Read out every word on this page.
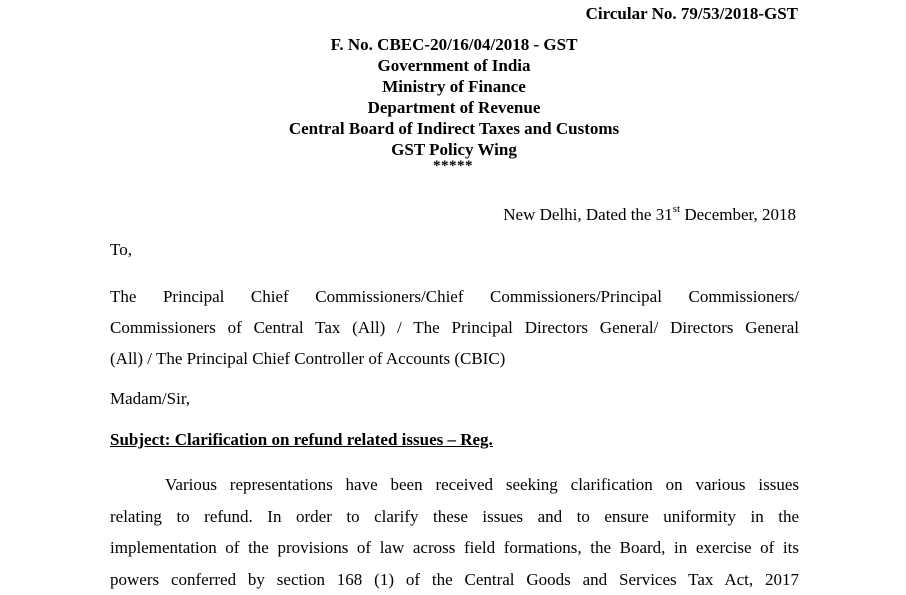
Circular No. 79/53/2018-GST
F. No. CBEC-20/16/04/2018 - GST
Government of India
Ministry of Finance
Department of Revenue
Central Board of Indirect Taxes and Customs
GST Policy Wing
*****
New Delhi, Dated the 31st December, 2018
To,
The Principal Chief Commissioners/Chief Commissioners/Principal Commissioners/
Commissioners of Central Tax (All) / The Principal Directors General/ Directors General
(All) / The Principal Chief Controller of Accounts (CBIC)
Madam/Sir,
Subject: Clarification on refund related issues – Reg.
Various representations have been received seeking clarification on various issues
relating to refund. In order to clarify these issues and to ensure uniformity in the
implementation of the provisions of law across field formations, the Board, in exercise of its
powers conferred by section 168 (1) of the Central Goods and Services Tax Act, 2017
